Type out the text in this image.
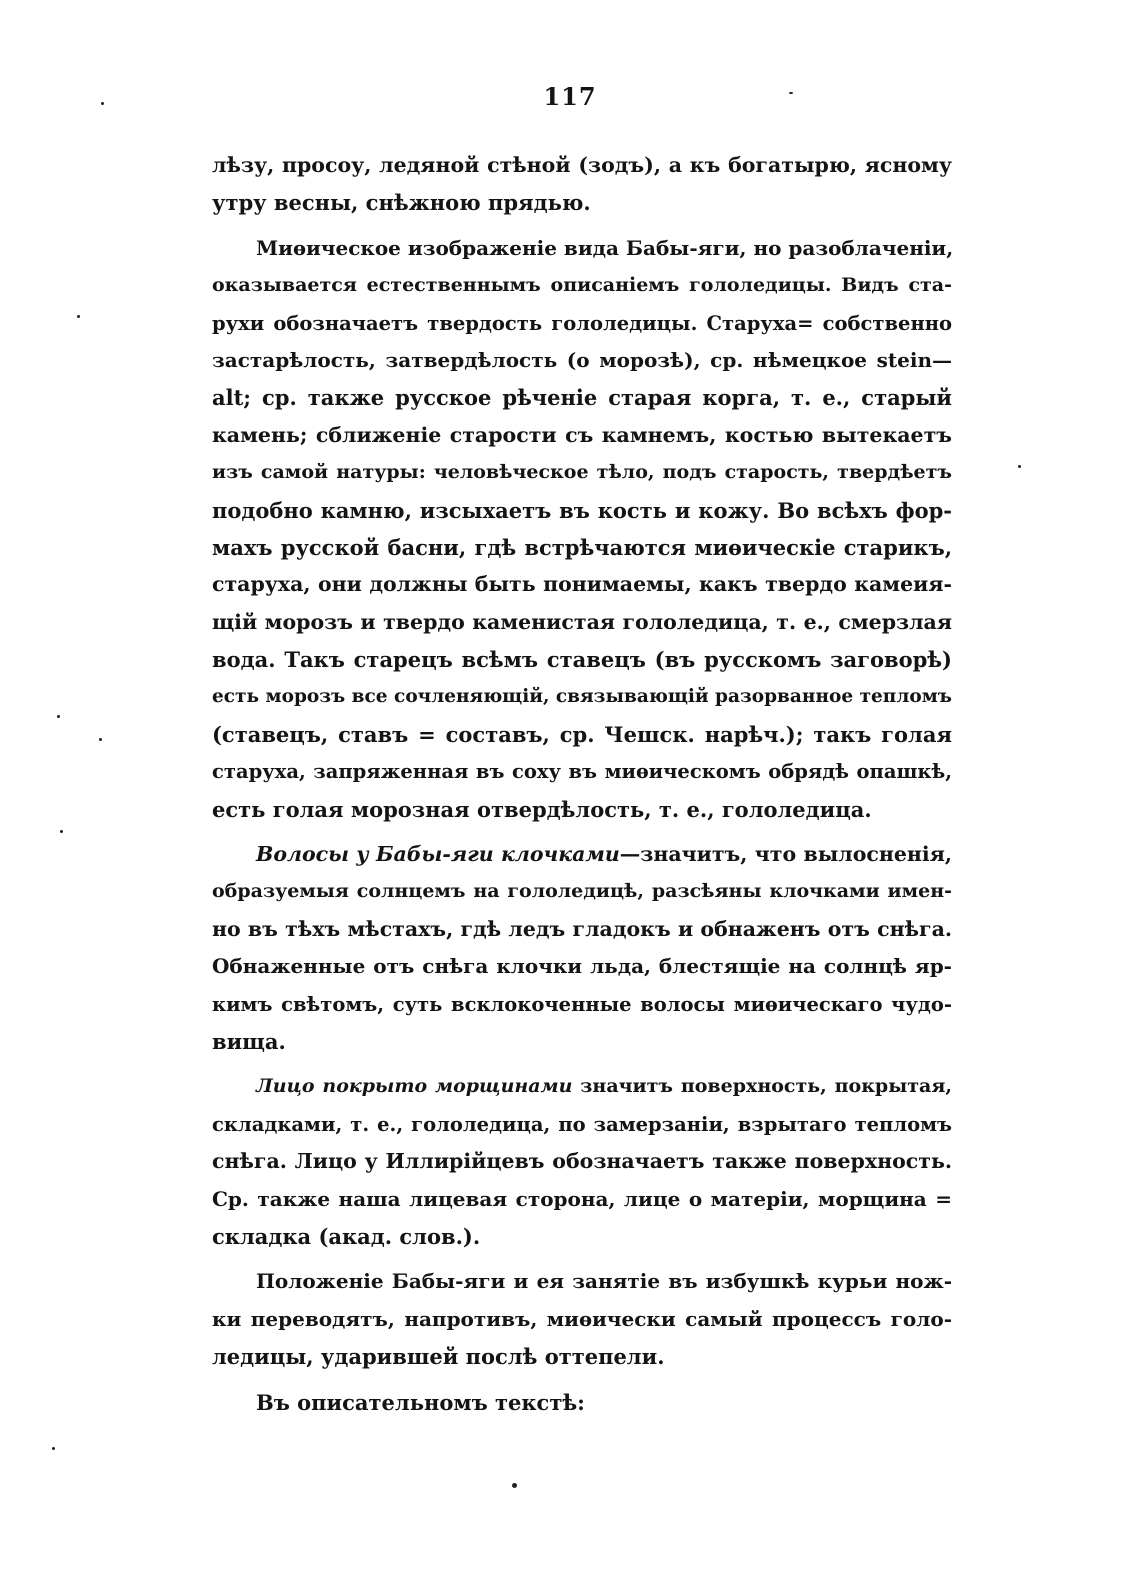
117
лѣзу, просоу, ледяной стѣной (зодъ), а къ богатырю, ясному
утру весны, снѣжною прядью.
Миѳическое изображеніе вида Бабы-яги, но разоблаченіи,
оказывается естественнымъ описаніемъ гололедицы. Видъ ста-
рухи обозначаетъ твердость гололедицы. Старуха= собственно
застарѣлость, затвердѣлость (о морозѣ), ср. нѣмецкое stein—
alt; ср. также русское рѣченіе старая корга, т. е., старый
камень; сближеніе старости съ камнемъ, костью вытекаетъ
изъ самой натуры: человѣческое тѣло, подъ старость, твердѣетъ
подобно камню, изсыхаетъ въ кость и кожу. Во всѣхъ фор-
махъ русской басни, гдѣ встрѣчаются миѳическіе старикъ,
старуха, они должны быть понимаемы, какъ твердо камеия-
щій морозъ и твердо каменистая гололедица, т. е., смерзлая
вода. Такъ старецъ всѣмъ ставецъ (въ русскомъ заговорѣ)
есть морозъ все сочленяющій, связывающій разорванное тепломъ
(ставецъ, ставъ = составъ, ср. Чешск. нарѣч.); такъ голая
старуха, запряженная въ соху въ миѳическомъ обрядѣ опашкѣ,
есть голая морозная отвердѣлость, т. е., гололедица.
Волосы у Бабы-яги клочками—значитъ, что вылосненія,
образуемыя солнцемъ на гололедицѣ, разсѣяны клочками имен-
но въ тѣхъ мѣстахъ, гдѣ ледъ гладокъ и обнаженъ отъ снѣга.
Обнаженные отъ снѣга клочки льда, блестящіе на солнцѣ яр-
кимъ свѣтомъ, суть всклокоченные волосы миѳическаго чудо-
вища.
Лицо покрыто морщинами значитъ поверхность, покрытая,
складками, т. е., гололедица, по замерзаніи, взрытаго тепломъ
снѣга. Лицо у Иллирійцевъ обозначаетъ также поверхность.
Ср. также наша лицевая сторона, лице о матеріи, морщина =
складка (акад. слов.).
Положеніе Бабы-яги и ея занятіе въ избушкѣ курьи нож-
ки переводятъ, напротивъ, миѳически самый процессъ голо-
ледицы, ударившей послѣ оттепели.
Въ описательномъ текстѣ:
